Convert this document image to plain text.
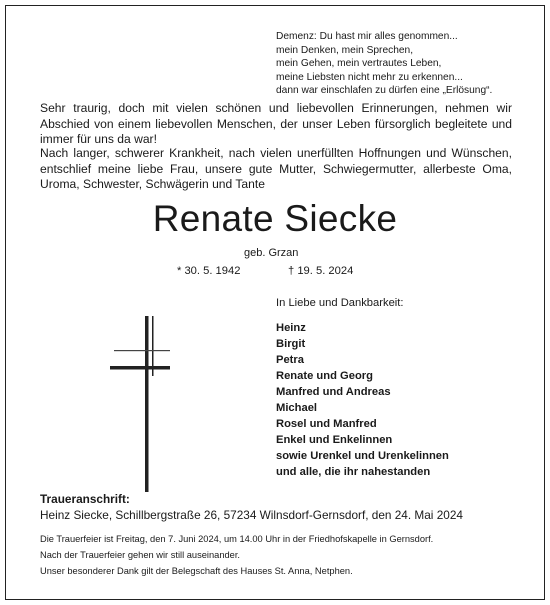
Demenz: Du hast mir alles genommen...
mein Denken, mein Sprechen,
mein Gehen, mein vertrautes Leben,
meine Liebsten nicht mehr zu erkennen...
dann war einschlafen zu dürfen eine „Erlösung“.
Sehr traurig, doch mit vielen schönen und liebevollen Erinnerungen, nehmen wir Abschied von einem liebevollen Menschen, der unser Leben fürsorglich begleitete und immer für uns da war!
Nach langer, schwerer Krankheit, nach vielen unerfüllten Hoffnungen und Wünschen, entschlief meine liebe Frau, unsere gute Mutter, Schwiegermutter, allerbeste Oma, Uroma, Schwester, Schwägerin und Tante
Renate Siecke
geb. Grzan
* 30. 5. 1942	† 19. 5. 2024
In Liebe und Dankbarkeit:
Heinz
Birgit
Petra
Renate und Georg
Manfred und Andreas
Michael
Rosel und Manfred
Enkel und Enkelinnen
sowie Urenkel und Urenkelinnen
und alle, die ihr nahestanden
Traueranschrift:
Heinz Siecke, Schillbergstraße 26, 57234 Wilnsdorf-Gernsdorf, den 24. Mai 2024
Die Trauerfeier ist Freitag, den 7. Juni 2024, um 14.00 Uhr in der Friedhofskapelle in Gernsdorf.
Nach der Trauerfeier gehen wir still auseinander.
Unser besonderer Dank gilt der Belegschaft des Hauses St. Anna, Netphen.
